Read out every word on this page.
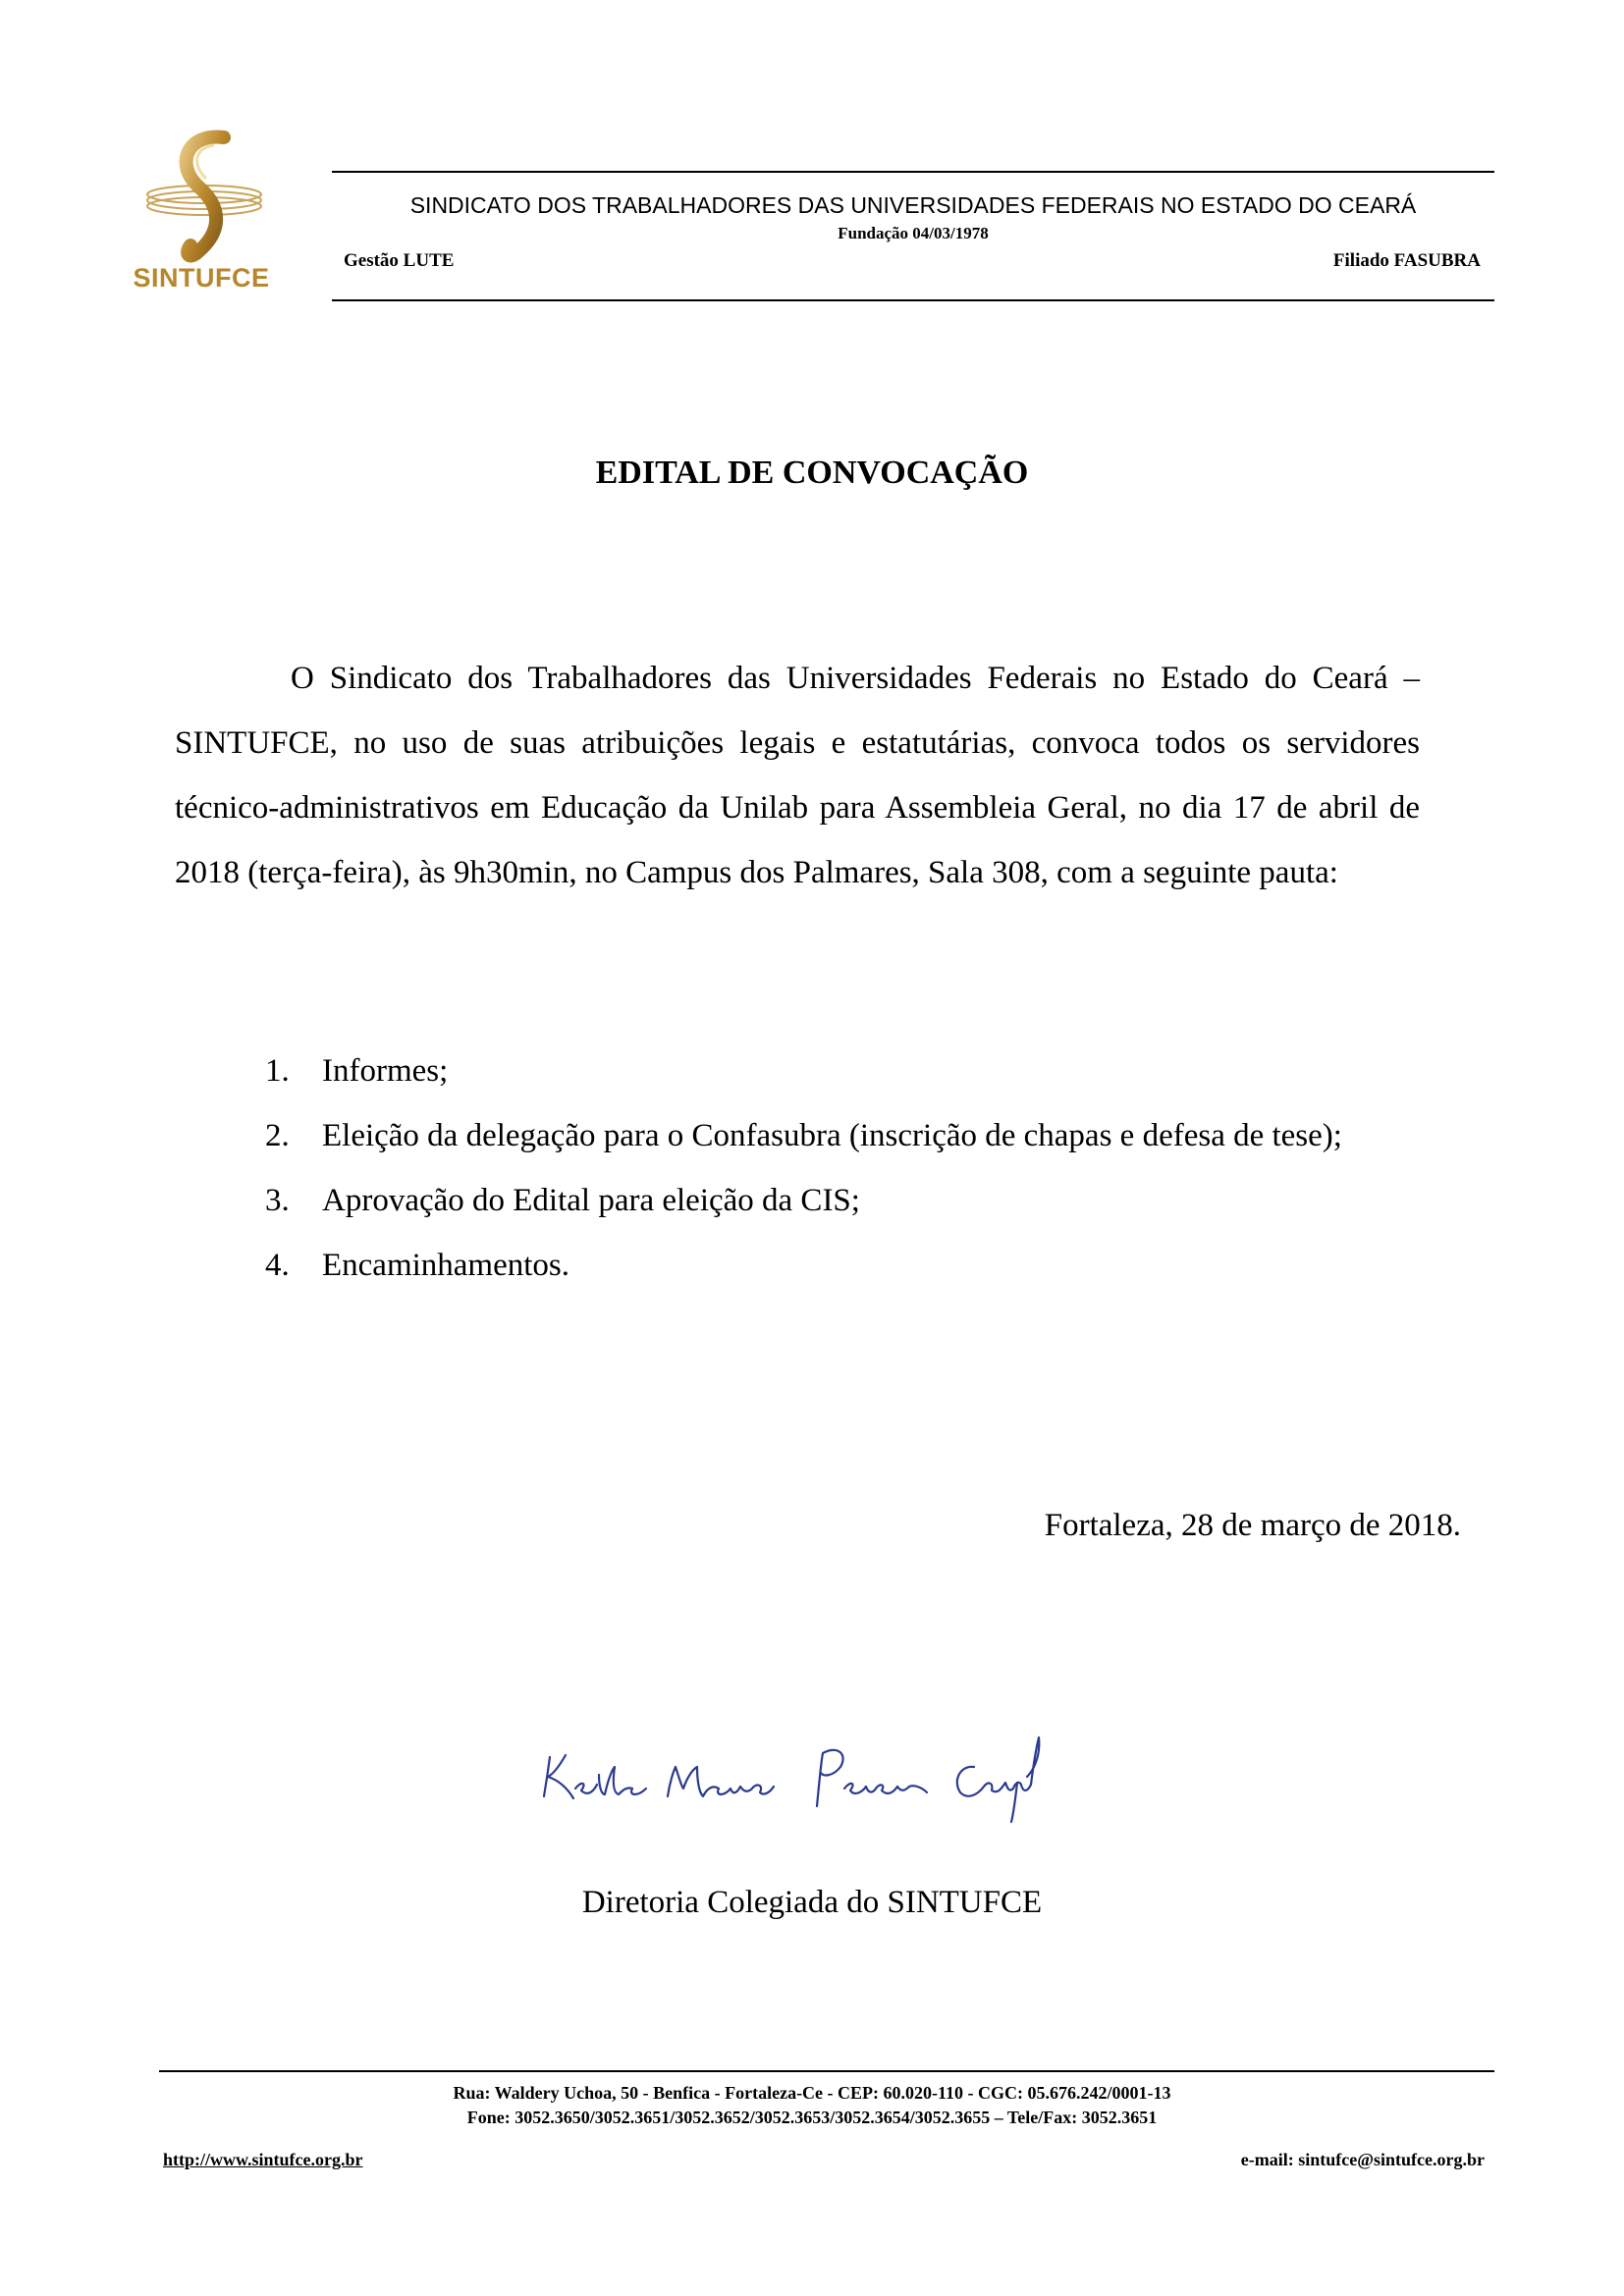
SINTUFCE
SINDICATO DOS TRABALHADORES DAS UNIVERSIDADES FEDERAIS NO ESTADO DO CEARÁ
Fundação 04/03/1978
Gestão LUTE	Filiado FASUBRA
EDITAL DE CONVOCAÇÃO
O Sindicato dos Trabalhadores das Universidades Federais no Estado do Ceará – SINTUFCE, no uso de suas atribuições legais e estatutárias, convoca todos os servidores técnico-administrativos em Educação da Unilab para Assembleia Geral, no dia 17 de abril de 2018 (terça-feira), às 9h30min, no Campus dos Palmares, Sala 308, com a seguinte pauta:
1. Informes;
2. Eleição da delegação para o Confasubra (inscrição de chapas e defesa de tese);
3. Aprovação do Edital para eleição da CIS;
4. Encaminhamentos.
Fortaleza, 28 de março de 2018.
Diretoria Colegiada do SINTUFCE
Rua: Waldery Uchoa, 50 - Benfica - Fortaleza-Ce - CEP: 60.020-110 - CGC: 05.676.242/0001-13
Fone: 3052.3650/3052.3651/3052.3652/3052.3653/3052.3654/3052.3655 – Tele/Fax: 3052.3651
http://www.sintufce.org.br	e-mail: sintufce@sintufce.org.br
